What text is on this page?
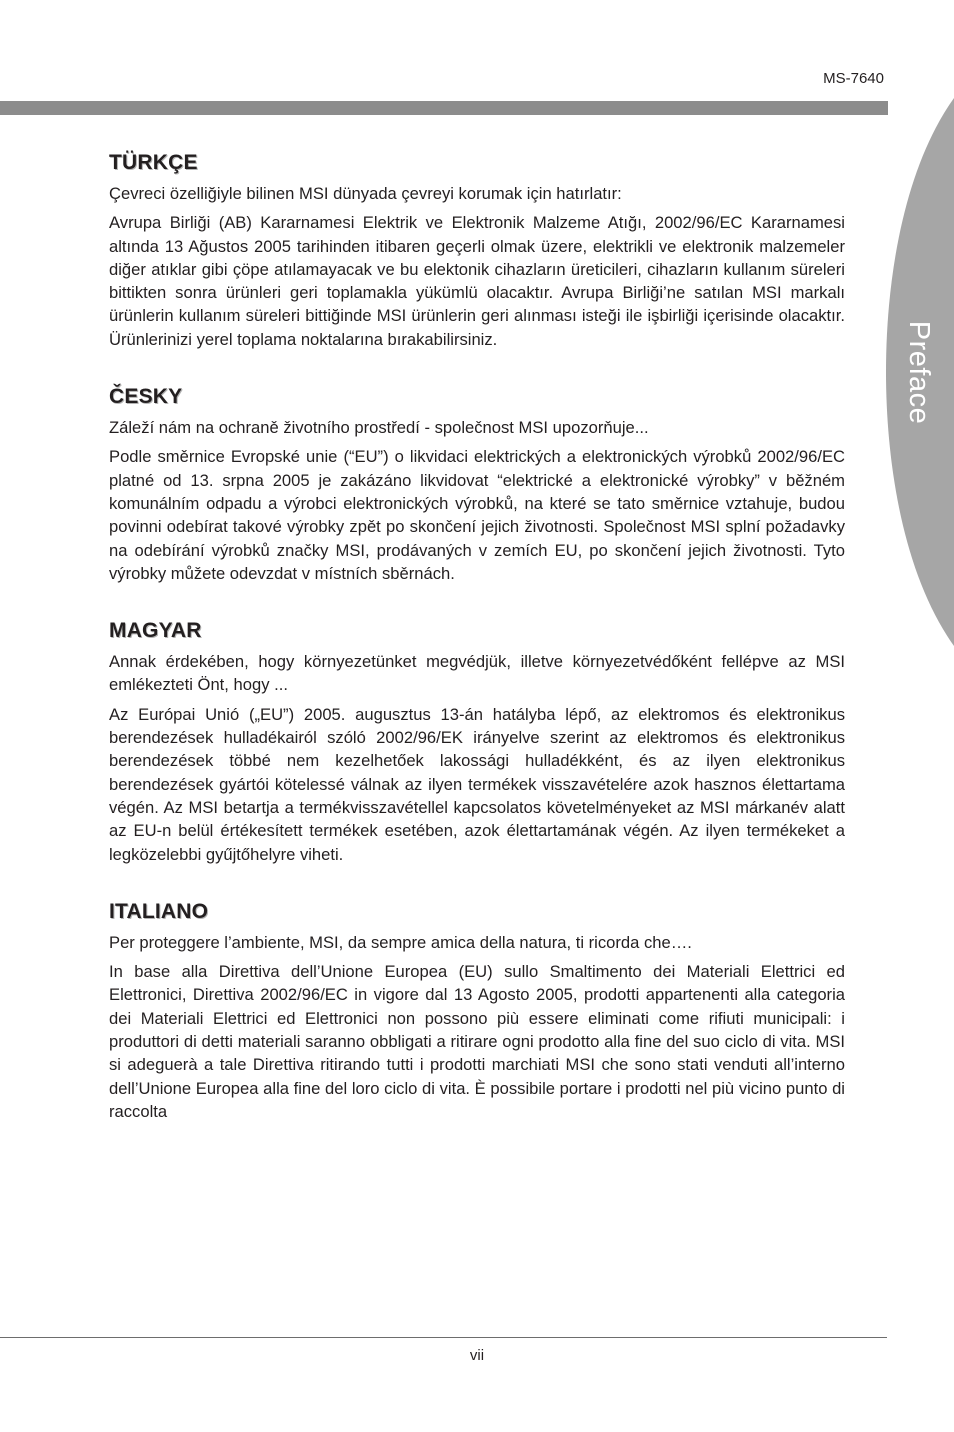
MS-7640
Preface
TÜRKÇE

Çevreci özelliğiyle bilinen MSI dünyada çevreyi korumak için hatırlatır:

Avrupa Birliği (AB) Kararnamesi Elektrik ve Elektronik Malzeme Atığı, 2002/96/EC Kararnamesi altında 13 Ağustos 2005 tarihinden itibaren geçerli olmak üzere, elektrikli ve elektronik malzemeler diğer atıklar gibi çöpe atılamayacak ve bu elektonik cihazların üreticileri, cihazların kullanım süreleri bittikten sonra ürünleri geri toplamakla yükümlü olacaktır. Avrupa Birliği’ne satılan MSI markalı ürünlerin kullanım süreleri bittiğinde MSI ürünlerin geri alınması isteği ile işbirliği içerisinde olacaktır. Ürünlerinizi yerel toplama noktalarına bırakabilirsiniz.

ČESKY

Záleží nám na ochraně životního prostředí - společnost MSI upozorňuje...

Podle směrnice Evropské unie (“EU”) o likvidaci elektrických a elektronických výrobků 2002/96/EC platné od 13. srpna 2005 je zakázáno likvidovat “elektrické a elektronické výrobky” v běžném komunálním odpadu a výrobci elektronických výrobků, na které se tato směrnice vztahuje, budou povinni odebírat takové výrobky zpět po skončení jejich životnosti. Společnost MSI splní požadavky na odebírání výrobků značky MSI, prodávaných v zemích EU, po skončení jejich životnosti. Tyto výrobky můžete odevzdat v místních sběrnách.

MAGYAR

Annak érdekében, hogy környezetünket megvédjük, illetve környezetvédőként fellépve az MSI emlékezteti Önt, hogy ...

Az Európai Unió („EU”) 2005. augusztus 13-án hatályba lépő, az elektromos és elektronikus berendezések hulladékairól szóló 2002/96/EK irányelve szerint az elektromos és elektronikus berendezések többé nem kezelhetőek lakossági hulladékként, és az ilyen elektronikus berendezések gyártói kötelessé válnak az ilyen termékek visszavételére azok hasznos élettartama végén. Az MSI betartja a termékvisszavétellel kapcsolatos követelményeket az MSI márkanév alatt az EU-n belül értékesített termékek esetében, azok élettartamának végén. Az ilyen termékeket a legközelebbi gyűjtőhelyre viheti.

ITALIANO

Per proteggere l’ambiente, MSI, da sempre amica della natura, ti ricorda che….

In base alla Direttiva dell’Unione Europea (EU) sullo Smaltimento dei Materiali Elettrici ed Elettronici, Direttiva 2002/96/EC in vigore dal 13 Agosto 2005, prodotti appartenenti alla categoria dei Materiali Elettrici ed Elettronici non possono più essere eliminati come rifiuti municipali: i produttori di detti materiali saranno obbligati a ritirare ogni prodotto alla fine del suo ciclo di vita. MSI si adeguerà a tale Direttiva ritirando tutti i prodotti marchiati MSI che sono stati venduti all’interno dell’Unione Europea alla fine del loro ciclo di vita. È possibile portare i prodotti nel più vicino punto di raccolta

vii
